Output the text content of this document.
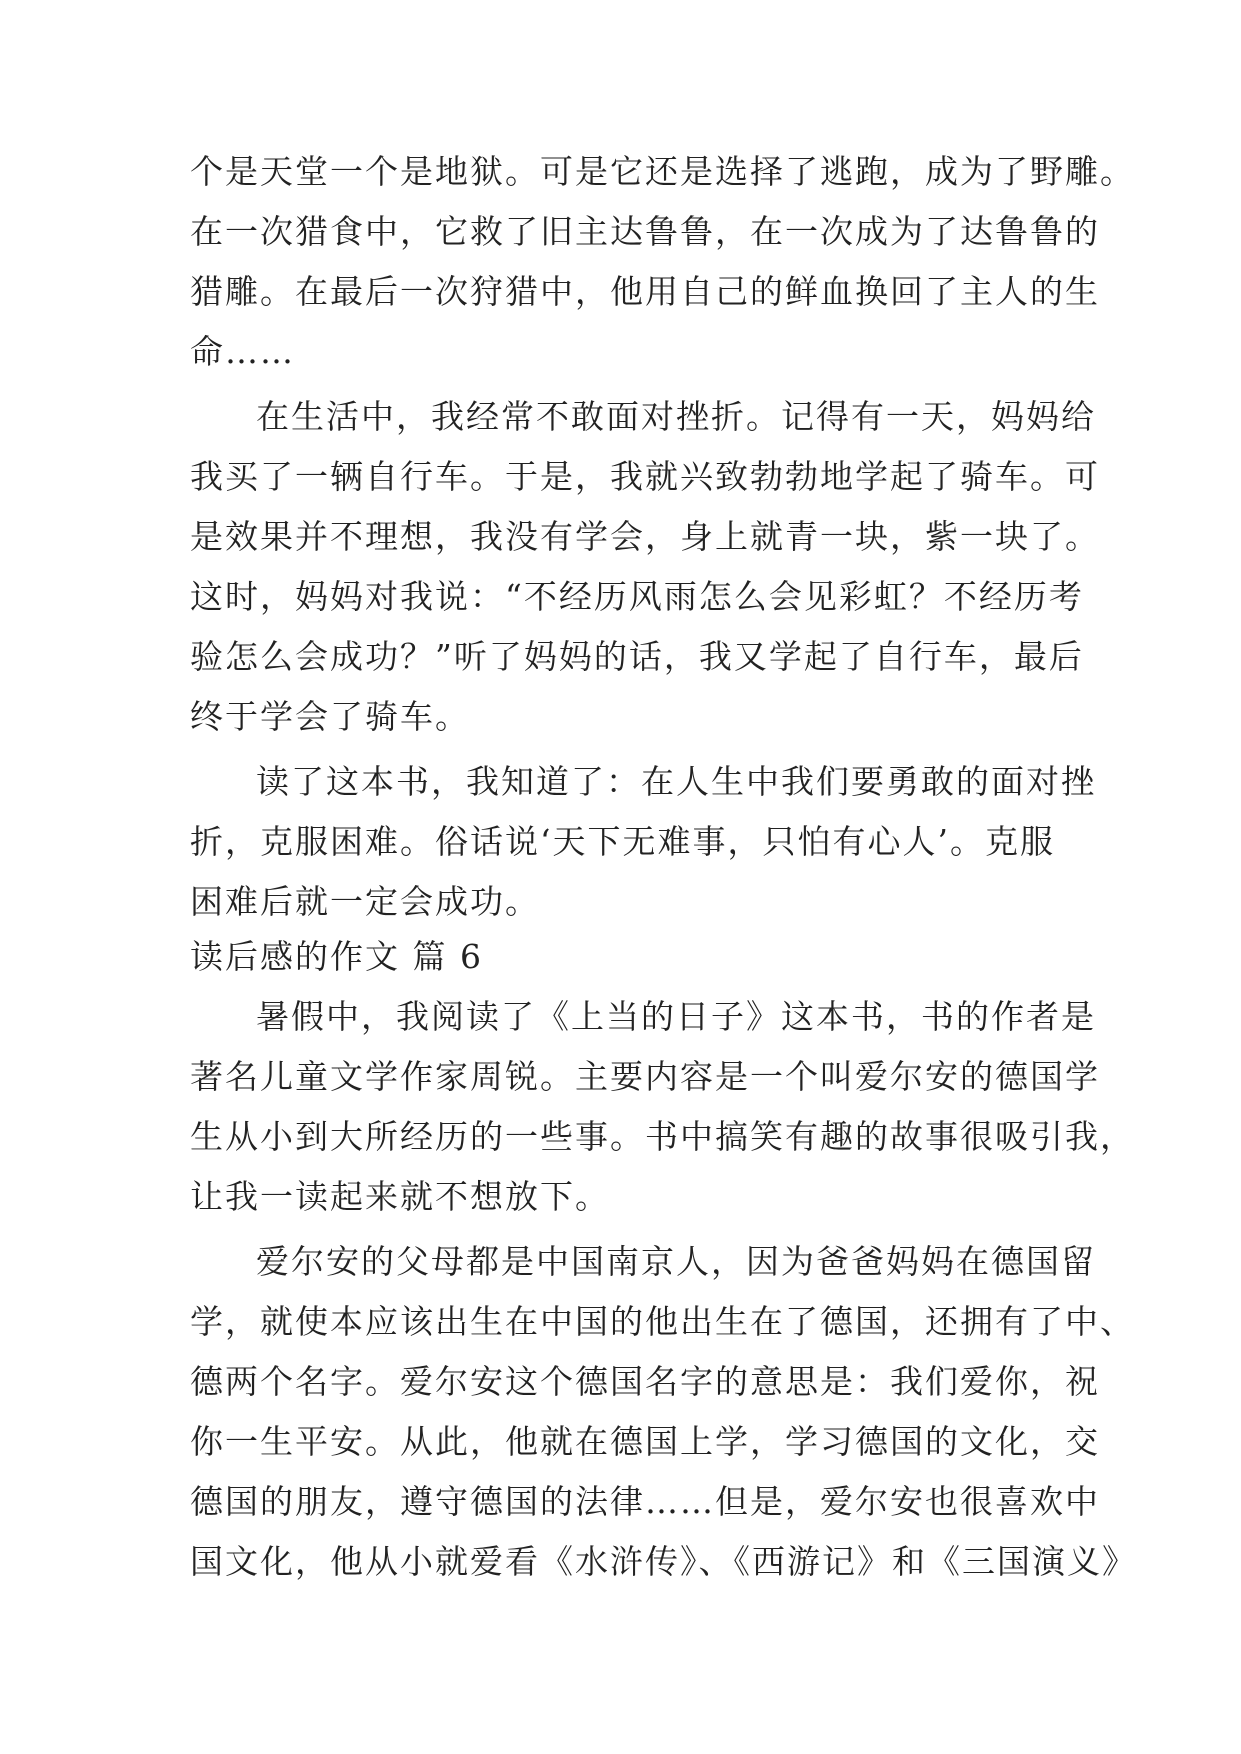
个是天堂一个是地狱。可是它还是选择了逃跑，成为了野雕。
在一次猎食中，它救了旧主达鲁鲁，在一次成为了达鲁鲁的
猎雕。在最后一次狩猎中，他用自己的鲜血换回了主人的生
命……
在生活中，我经常不敢面对挫折。记得有一天，妈妈给
我买了一辆自行车。于是，我就兴致勃勃地学起了骑车。可
是效果并不理想，我没有学会，身上就青一块，紫一块了。
这时，妈妈对我说：“不经历风雨怎么会见彩虹？不经历考
验怎么会成功？”听了妈妈的话，我又学起了自行车，最后
终于学会了骑车。
读了这本书，我知道了：在人生中我们要勇敢的面对挫
折，克服困难。俗话说‘天下无难事，只怕有心人’。克服
困难后就一定会成功。
读后感的作文 篇 6
暑假中，我阅读了《上当的日子》这本书，书的作者是
著名儿童文学作家周锐。主要内容是一个叫爱尔安的德国学
生从小到大所经历的一些事。书中搞笑有趣的故事很吸引我，
让我一读起来就不想放下。
爱尔安的父母都是中国南京人，因为爸爸妈妈在德国留
学，就使本应该出生在中国的他出生在了德国，还拥有了中、
德两个名字。爱尔安这个德国名字的意思是：我们爱你，祝
你一生平安。从此，他就在德国上学，学习德国的文化，交
德国的朋友，遵守德国的法律……但是，爱尔安也很喜欢中
国文化，他从小就爱看《水浒传》、《西游记》和《三国演义》
